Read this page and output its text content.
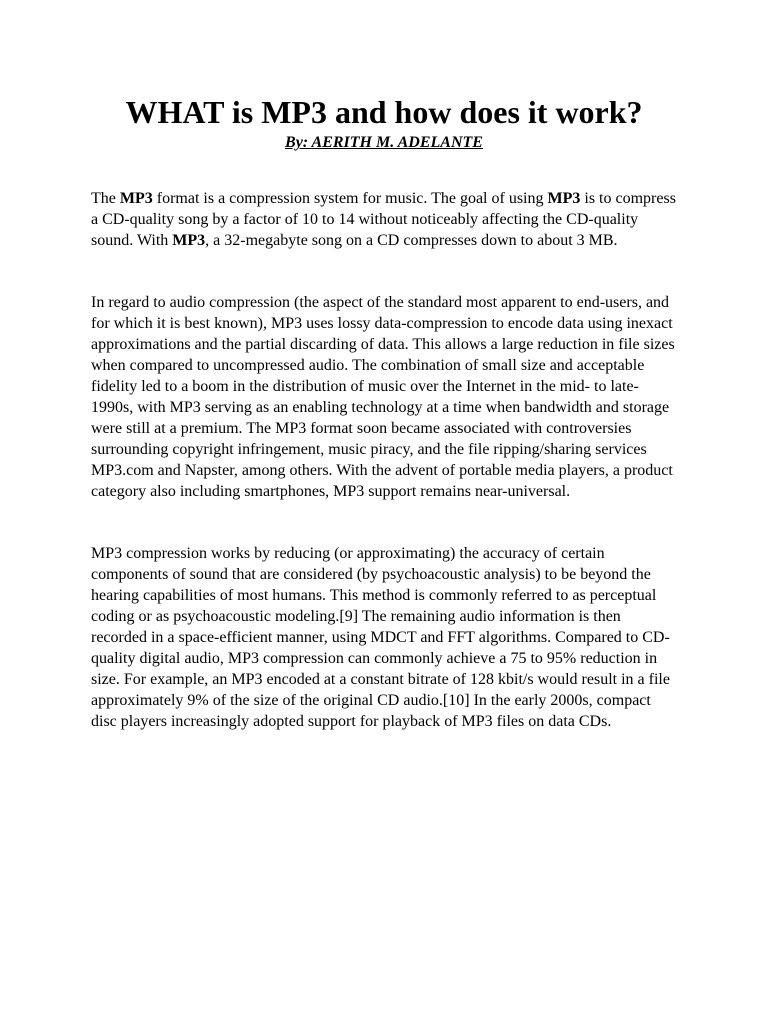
WHAT is MP3 and how does it work?

By: AERITH M. ADELANTE

The MP3 format is a compression system for music. The goal of using MP3 is to compress a CD-quality song by a factor of 10 to 14 without noticeably affecting the CD-quality sound. With MP3, a 32-megabyte song on a CD compresses down to about 3 MB.

In regard to audio compression (the aspect of the standard most apparent to end-users, and for which it is best known), MP3 uses lossy data-compression to encode data using inexact approximations and the partial discarding of data. This allows a large reduction in file sizes when compared to uncompressed audio. The combination of small size and acceptable fidelity led to a boom in the distribution of music over the Internet in the mid- to late-1990s, with MP3 serving as an enabling technology at a time when bandwidth and storage were still at a premium. The MP3 format soon became associated with controversies surrounding copyright infringement, music piracy, and the file ripping/sharing services MP3.com and Napster, among others. With the advent of portable media players, a product category also including smartphones, MP3 support remains near-universal.

MP3 compression works by reducing (or approximating) the accuracy of certain components of sound that are considered (by psychoacoustic analysis) to be beyond the hearing capabilities of most humans. This method is commonly referred to as perceptual coding or as psychoacoustic modeling.[9] The remaining audio information is then recorded in a space-efficient manner, using MDCT and FFT algorithms. Compared to CD-quality digital audio, MP3 compression can commonly achieve a 75 to 95% reduction in size. For example, an MP3 encoded at a constant bitrate of 128 kbit/s would result in a file approximately 9% of the size of the original CD audio.[10] In the early 2000s, compact disc players increasingly adopted support for playback of MP3 files on data CDs.
